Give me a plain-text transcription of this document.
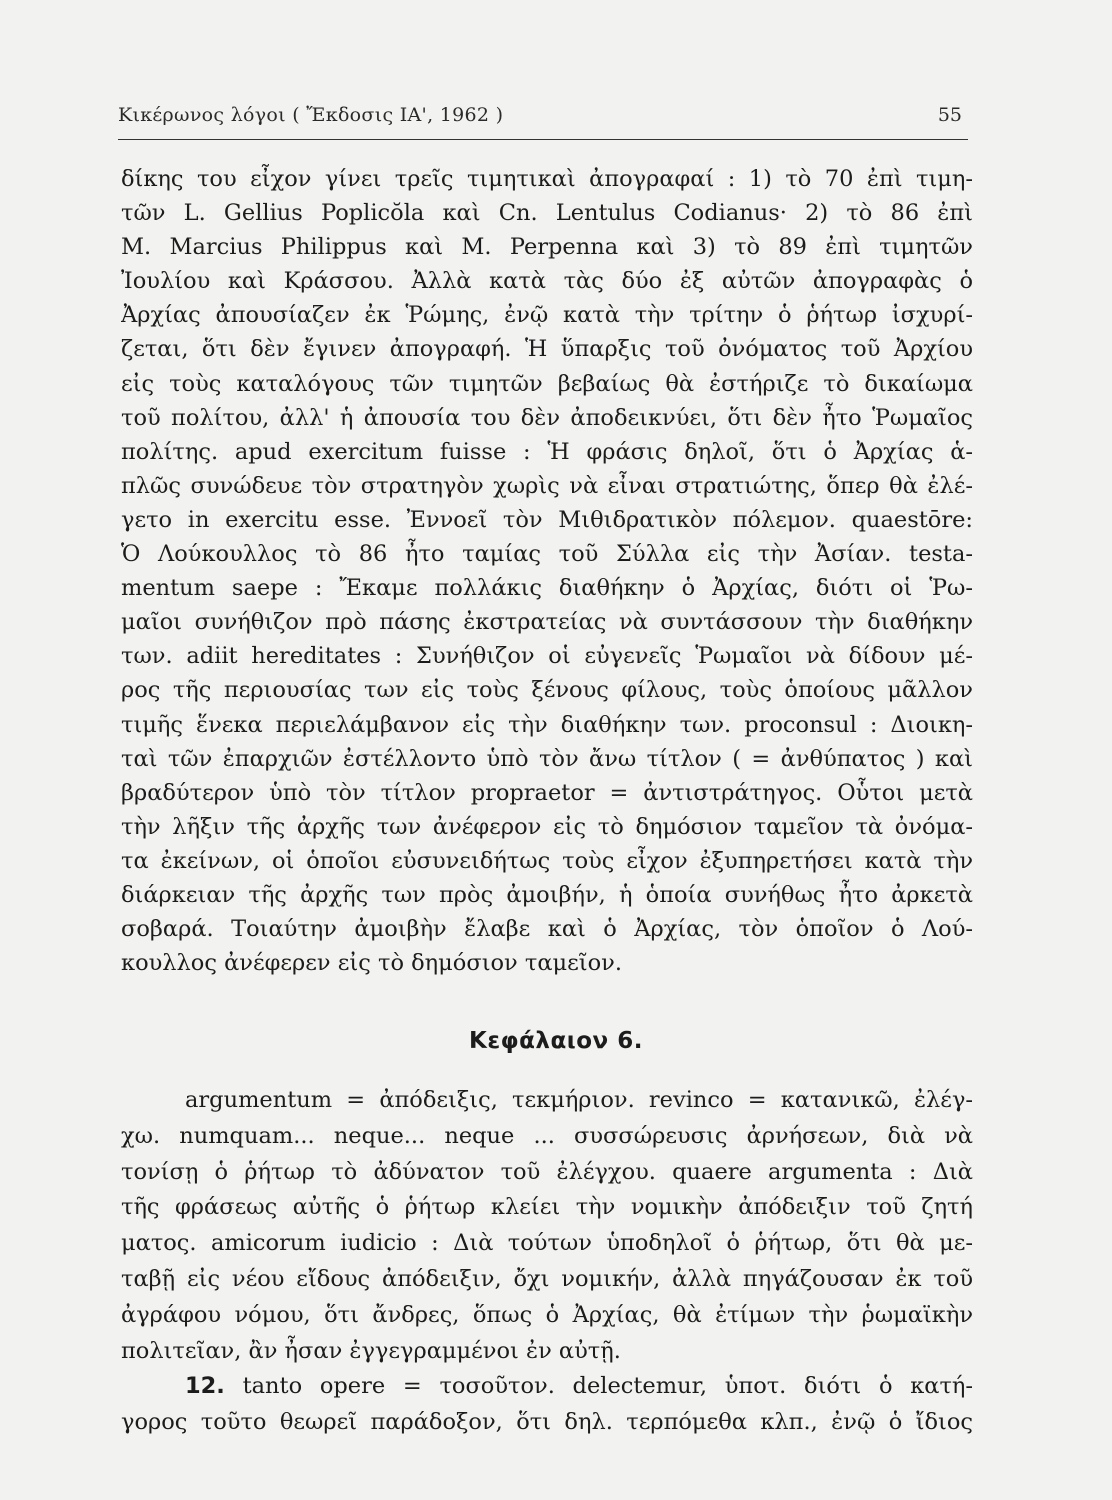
Κικέρωνος λόγοι ( Ἔκδοσις ΙΑ', 1962 )	55
δίκης του εἶχον γίνει τρεῖς τιμητικαὶ ἀπογραφαί : 1) τὸ 70 ἐπὶ τιμη-
τῶν L. Gellius Poplicŏla καὶ Cn. Lentulus Codianus· 2) τὸ 86 ἐπὶ
M. Marcius Philippus καὶ M. Perpenna καὶ 3) τὸ 89 ἐπὶ τιμητῶν
Ἰουλίου καὶ Κράσσου. Ἀλλὰ κατὰ τὰς δύο ἐξ αὐτῶν ἀπογραφὰς ὁ
Ἀρχίας ἀπουσίαζεν ἐκ Ῥώμης, ἐνῷ κατὰ τὴν τρίτην ὁ ῥήτωρ ἰσχυρί-
ζεται, ὅτι δὲν ἔγινεν ἀπογραφή. Ἡ ὕπαρξις τοῦ ὀνόματος τοῦ Ἀρχίου
εἰς τοὺς καταλόγους τῶν τιμητῶν βεβαίως θὰ ἐστήριζε τὸ δικαίωμα
τοῦ πολίτου, ἀλλ' ἡ ἀπουσία του δὲν ἀποδεικνύει, ὅτι δὲν ἦτο Ῥωμαῖος
πολίτης. apud exercitum fuisse : Ἡ φράσις δηλοῖ, ὅτι ὁ Ἀρχίας ἁ-
πλῶς συνώδευε τὸν στρατηγὸν χωρὶς νὰ εἶναι στρατιώτης, ὅπερ θὰ ἐλέ-
γετο in exercitu esse. Ἐννοεῖ τὸν Μιθιδρατικὸν πόλεμον. quaestōre:
Ὁ Λούκουλλος τὸ 86 ἦτο ταμίας τοῦ Σύλλα εἰς τὴν Ἀσίαν. testa-
mentum saepe : Ἔκαμε πολλάκις διαθήκην ὁ Ἀρχίας, διότι οἱ Ῥω-
μαῖοι συνήθιζον πρὸ πάσης ἐκστρατείας νὰ συντάσσουν τὴν διαθήκην
των. adiit hereditates : Συνήθιζον οἱ εὐγενεῖς Ῥωμαῖοι νὰ δίδουν μέ-
ρος τῆς περιουσίας των εἰς τοὺς ξένους φίλους, τοὺς ὁποίους μᾶλλον
τιμῆς ἕνεκα περιελάμβανον εἰς τὴν διαθήκην των. proconsul : Διοικη-
ταὶ τῶν ἐπαρχιῶν ἐστέλλοντο ὑπὸ τὸν ἄνω τίτλον ( = ἀνθύπατος ) καὶ
βραδύτερον ὑπὸ τὸν τίτλον propraetor = ἀντιστράτηγος. Οὗτοι μετὰ
τὴν λῆξιν τῆς ἀρχῆς των ἀνέφερον εἰς τὸ δημόσιον ταμεῖον τὰ ὀνόμα-
τα ἐκείνων, οἱ ὁποῖοι εὐσυνειδήτως τοὺς εἶχον ἐξυπηρετήσει κατὰ τὴν
διάρκειαν τῆς ἀρχῆς των πρὸς ἀμοιβήν, ἡ ὁποία συνήθως ἦτο ἀρκετὰ
σοβαρά. Τοιαύτην ἀμοιβὴν ἔλαβε καὶ ὁ Ἀρχίας, τὸν ὁποῖον ὁ Λού-
κουλλος ἀνέφερεν εἰς τὸ δημόσιον ταμεῖον.
Κεφάλαιον 6.
argumentum = ἀπόδειξις, τεκμήριον. revinco = κατανικῶ, ἐλέγ-
χω. numquam... neque... neque ... συσσώρευσις ἀρνήσεων, διὰ νὰ
τονίσῃ ὁ ῥήτωρ τὸ ἀδύνατον τοῦ ἐλέγχου. quaere argumenta : Διὰ
τῆς φράσεως αὐτῆς ὁ ῥήτωρ κλείει τὴν νομικὴν ἀπόδειξιν τοῦ ζητή
ματος. amicorum iudicio : Διὰ τούτων ὑποδηλοῖ ὁ ῥήτωρ, ὅτι θὰ με-
ταβῇ εἰς νέου εἴδους ἀπόδειξιν, ὄχι νομικήν, ἀλλὰ πηγάζουσαν ἐκ τοῦ
ἀγράφου νόμου, ὅτι ἄνδρες, ὅπως ὁ Ἀρχίας, θὰ ἐτίμων τὴν ῥωμαϊκὴν
πολιτεῖαν, ἂν ἦσαν ἐγγεγραμμένοι ἐν αὐτῇ.
12. tanto opere = τοσοῦτον. delectemur, ὑποτ. διότι ὁ κατή-
γορος τοῦτο θεωρεῖ παράδοξον, ὅτι δηλ. τερπόμεθα κλπ., ἐνῷ ὁ ἴδιος
